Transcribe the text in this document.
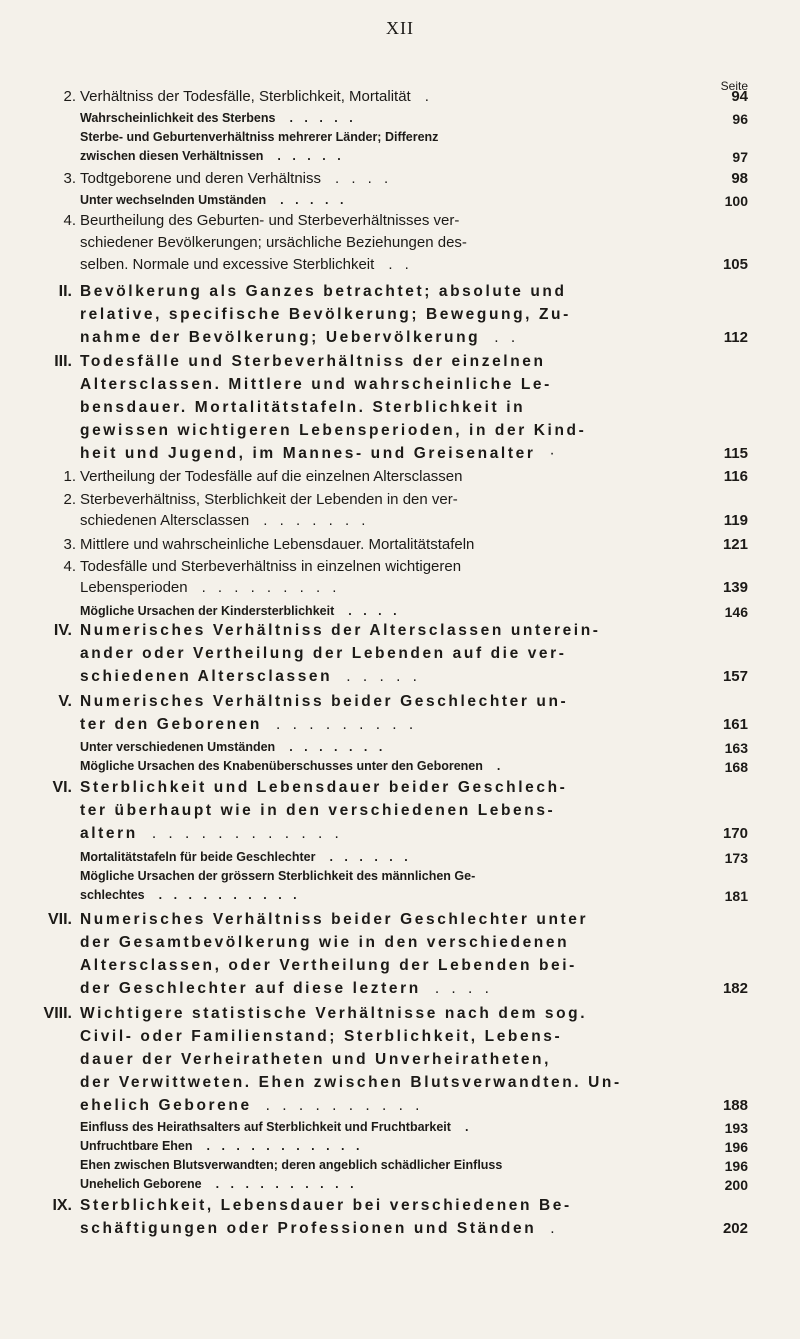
XII
Seite
2. Verhältniss der Todesfälle, Sterblichkeit, Mortalität .	94
Wahrscheinlichkeit des Sterbens . . . . .	96
Sterbe- und Geburtenverhältniss mehrerer Länder; Differenz
zwischen diesen Verhältnissen . . . . .	97
3. Todtgeborene und deren Verhältniss . . . .	98
Unter wechselnden Umständen . . . . .	100
4. Beurtheilung des Geburten- und Sterbeverhältnisses ver-
schiedener Bevölkerungen; ursächliche Beziehungen des-
selben. Normale und excessive Sterblichkeit . .	105
II. Bevölkerung als Ganzes betrachtet; absolute und
relative, specifische Bevölkerung; Bewegung, Zu-
nahme der Bevölkerung; Uebervölkerung . .	112
III. Todesfälle und Sterbeverhältniss der einzelnen
Altersclassen. Mittlere und wahrscheinliche Le-
bensdauer. Mortalitätstafeln. Sterblichkeit in
gewissen wichtigeren Lebensperioden, in der Kind-
heit und Jugend, im Mannes- und Greisenalter ·	115
1. Vertheilung der Todesfälle auf die einzelnen Altersclassen	116
2. Sterbeverhältniss, Sterblichkeit der Lebenden in den ver-
schiedenen Altersclassen . . . . . . .	119
3. Mittlere und wahrscheinliche Lebensdauer. Mortalitätstafeln	121
4. Todesfälle und Sterbeverhältniss in einzelnen wichtigeren
Lebensperioden . . . . . . . . .	139
Mögliche Ursachen der Kindersterblichkeit . . . .	146
IV. Numerisches Verhältniss der Altersclassen unterein-
ander oder Vertheilung der Lebenden auf die ver-
schiedenen Altersclassen . . . . .	157
V. Numerisches Verhältniss beider Geschlechter un-
ter den Geborenen . . . . . . . . .	161
Unter verschiedenen Umständen . . . . . . .	163
Mögliche Ursachen des Knabenüberschusses unter den Geborenen .	168
VI. Sterblichkeit und Lebensdauer beider Geschlech-
ter überhaupt wie in den verschiedenen Lebens-
altern . . . . . . . . . . . .	170
Mortalitätstafeln für beide Geschlechter . . . . . .	173
Mögliche Ursachen der grössern Sterblichkeit des männlichen Ge-
schlechtes . . . . . . . . . .	181
VII. Numerisches Verhältniss beider Geschlechter unter
der Gesamtbevölkerung wie in den verschiedenen
Altersclassen, oder Vertheilung der Lebenden bei-
der Geschlechter auf diese leztern . . . .	182
VIII. Wichtigere statistische Verhältnisse nach dem sog.
Civil- oder Familienstand; Sterblichkeit, Lebens-
dauer der Verheiratheten und Unverheiratheten,
der Verwittweten. Ehen zwischen Blutsverwandten. Un-
ehelich Geborene . . . . . . . . . .	188
Einfluss des Heirathsalters auf Sterblichkeit und Fruchtbarkeit .	193
Unfruchtbare Ehen . . . . . . . . . . .	196
Ehen zwischen Blutsverwandten; deren angeblich schädlicher Einfluss	196
Unehelich Geborene . . . . . . . . . .	200
IX. Sterblichkeit, Lebensdauer bei verschiedenen Be-
schäftigungen oder Professionen und Ständen .	202
